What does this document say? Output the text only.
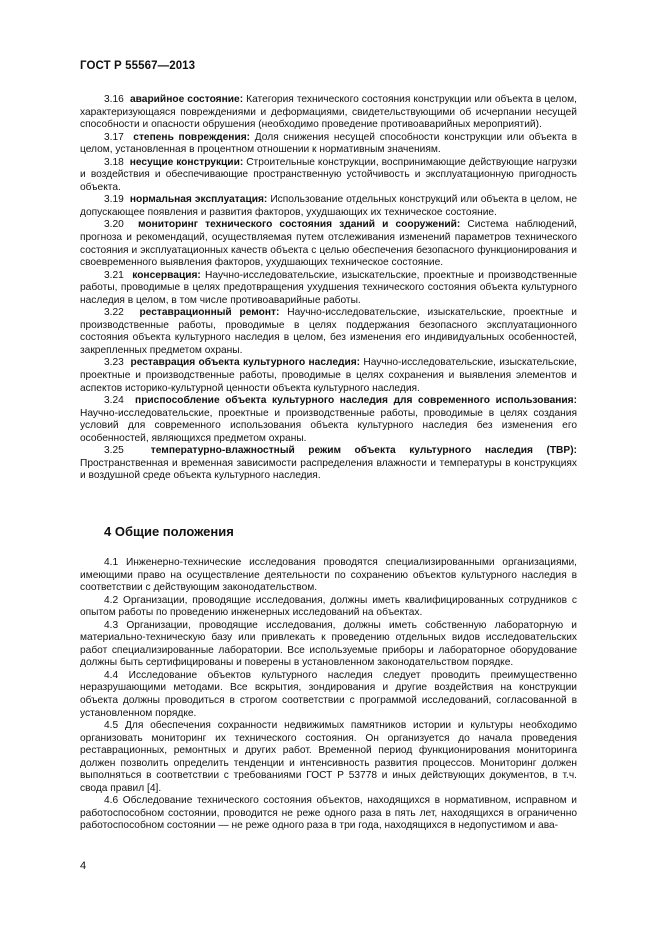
ГОСТ Р 55567—2013

3.16 аварийное состояние: Категория технического состояния конструкции или объекта в целом, характеризующаяся повреждениями и деформациями, свидетельствующими об исчерпании несущей способности и опасности обрушения (необходимо проведение противоаварийных мероприятий).

3.17 степень повреждения: Доля снижения несущей способности конструкции или объекта в целом, установленная в процентном отношении к нормативным значениям.

3.18 несущие конструкции: Строительные конструкции, воспринимающие действующие нагрузки и воздействия и обеспечивающие пространственную устойчивость и эксплуатационную пригодность объекта.

3.19 нормальная эксплуатация: Использование отдельных конструкций или объекта в целом, не допускающее появления и развития факторов, ухудшающих их техническое состояние.

3.20 мониторинг технического состояния зданий и сооружений: Система наблюдений, прогноза и рекомендаций, осуществляемая путем отслеживания изменений параметров технического состояния и эксплуатационных качеств объекта с целью обеспечения безопасного функционирования и своевременного выявления факторов, ухудшающих техническое состояние.

3.21 консервация: Научно-исследовательские, изыскательские, проектные и производственные работы, проводимые в целях предотвращения ухудшения технического состояния объекта культурного наследия в целом, в том числе противоаварийные работы.

3.22 реставрационный ремонт: Научно-исследовательские, изыскательские, проектные и производственные работы, проводимые в целях поддержания безопасного эксплуатационного состояния объекта культурного наследия в целом, без изменения его индивидуальных особенностей, закрепленных предметом охраны.

3.23 реставрация объекта культурного наследия: Научно-исследовательские, изыскательские, проектные и производственные работы, проводимые в целях сохранения и выявления элементов и аспектов историко-культурной ценности объекта культурного наследия.

3.24 приспособление объекта культурного наследия для современного использования: Научно-исследовательские, проектные и производственные работы, проводимые в целях создания условий для современного использования объекта культурного наследия без изменения его особенностей, являющихся предметом охраны.

3.25	температурно-влажностный режим объекта культурного наследия (ТВР): Пространственная и временная зависимости распределения влажности и температуры в конструкциях и воздушной среде объекта культурного наследия.

4 Общие положения

4.1 Инженерно-технические исследования проводятся специализированными организациями, имеющими право на осуществление деятельности по сохранению объектов культурного наследия в соответствии с действующим законодательством.

4.2 Организации, проводящие исследования, должны иметь квалифицированных сотрудников с опытом работы по проведению инженерных исследований на объектах.

4.3 Организации, проводящие исследования, должны иметь собственную лабораторную и материально-техническую базу или привлекать к проведению отдельных видов исследовательских работ специализированные лаборатории. Все используемые приборы и лабораторное оборудование должны быть сертифицированы и поверены в установленном законодательством порядке.

4.4 Исследование объектов культурного наследия следует проводить преимущественно неразрушающими методами. Все вскрытия, зондирования и другие воздействия на конструкции объекта должны проводиться в строгом соответствии с программой исследований, согласованной в установленном порядке.

4.5 Для обеспечения сохранности недвижимых памятников истории и культуры необходимо организовать мониторинг их технического состояния. Он организуется до начала проведения реставрационных, ремонтных и других работ. Временной период функционирования мониторинга должен позволить определить тенденции и интенсивность развития процессов. Мониторинг должен выполняться в соответствии с требованиями ГОСТ Р 53778 и иных действующих документов, в т.ч. свода правил [4].

4.6 Обследование технического состояния объектов, находящихся в нормативном, исправном и работоспособном состоянии, проводится не реже одного раза в пять лет, находящихся в ограниченно работоспособном состоянии — не реже одного раза в три года, находящихся в недопустимом и ава-

4
